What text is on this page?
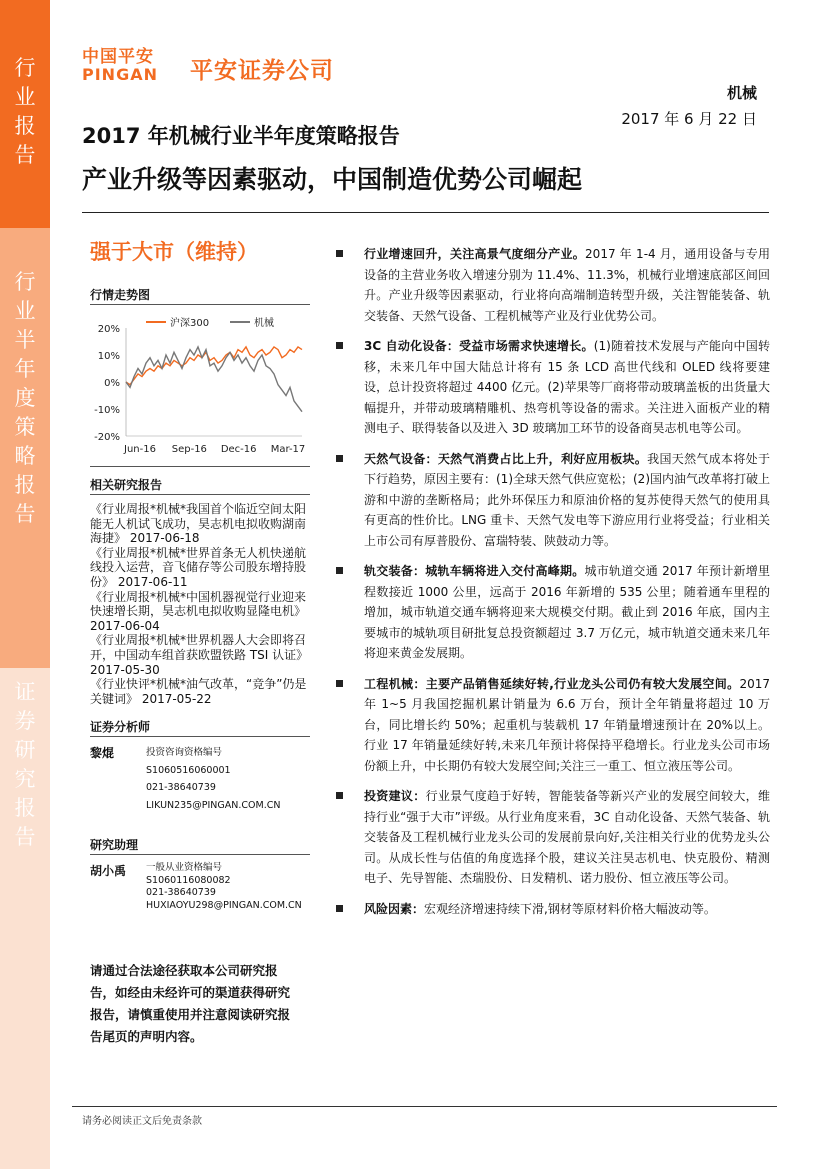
行
业
报
告
行
业
半
年
度
策
略
报
告
证
券
研
究
报
告
中国平安
PINGAN 平安证券公司
机械
2017 年 6 月 22 日
2017 年机械行业半年度策略报告
产业升级等因素驱动，中国制造优势公司崛起
强于大市（维持）
行情走势图
20%
10%
0%
-10%
-20%
Jun-16 Sep-16 Dec-16 Mar-17
沪深300	机械
相关研究报告
《行业周报*机械*我国首个临近空间太阳能无人机试飞成功，昊志机电拟收购湖南海捷》 2017-06-18
《行业周报*机械*世界首条无人机快递航线投入运营，音飞储存等公司股东增持股份》 2017-06-11
《行业周报*机械*中国机器视觉行业迎来快速增长期，昊志机电拟收购显隆电机》 2017-06-04
《行业周报*机械*世界机器人大会即将召开，中国动车组首获欧盟铁路 TSI 认证》 2017-05-30
《行业快评*机械*油气改革，“竞争”仍是关键词》 2017-05-22
证券分析师
黎焜	投资咨询资格编号
S1060516060001
021-38640739
LIKUN235@PINGAN.COM.CN
研究助理
胡小禹 一般从业资格编号
S1060116080082
021-38640739
HUXIAOYU298@PINGAN.COM.CN
请通过合法途径获取本公司研究报告，如经由未经许可的渠道获得研究报告，请慎重使用并注意阅读研究报告尾页的声明内容。
行业增速回升，关注高景气度细分产业。2017 年 1-4 月，通用设备与专用设备的主营业务收入增速分别为 11.4%、11.3%，机械行业增速底部区间回升。产业升级等因素驱动，行业将向高端制造转型升级，关注智能装备、轨交装备、天然气设备、工程机械等产业及行业优势公司。
3C 自动化设备：受益市场需求快速增长。(1)随着技术发展与产能向中国转移，未来几年中国大陆总计将有 15 条 LCD 高世代线和 OLED 线将要建设，总计投资将超过 4400 亿元。(2)苹果等厂商将带动玻璃盖板的出货量大幅提升，并带动玻璃精雕机、热弯机等设备的需求。关注进入面板产业的精测电子、联得装备以及进入 3D 玻璃加工环节的设备商昊志机电等公司。
天然气设备：天然气消费占比上升，利好应用板块。我国天然气成本将处于下行趋势，原因主要有：(1)全球天然气供应宽松；(2)国内油气改革将打破上游和中游的垄断格局；此外环保压力和原油价格的复苏使得天然气的使用具有更高的性价比。LNG 重卡、天然气发电等下游应用行业将受益；行业相关上市公司有厚普股份、富瑞特装、陕鼓动力等。
轨交装备：城轨车辆将进入交付高峰期。城市轨道交通 2017 年预计新增里程数接近 1000 公里，远高于 2016 年新增的 535 公里；随着通车里程的增加，城市轨道交通车辆将迎来大规模交付期。截止到 2016 年底，国内主要城市的城轨项目研批复总投资额超过 3.7 万亿元，城市轨道交通未来几年将迎来黄金发展期。
工程机械：主要产品销售延续好转,行业龙头公司仍有较大发展空间。2017 年 1~5 月我国挖掘机累计销量为 6.6 万台，预计全年销量将超过 10 万台，同比增长约 50%；起重机与装载机 17 年销量增速预计在 20%以上。行业 17 年销量延续好转,未来几年预计将保持平稳增长。行业龙头公司市场份额上升，中长期仍有较大发展空间;关注三一重工、恒立液压等公司。
投资建议：行业景气度趋于好转，智能装备等新兴产业的发展空间较大，维持行业“强于大市”评级。从行业角度来看，3C 自动化设备、天然气装备、轨交装备及工程机械行业龙头公司的发展前景向好,关注相关行业的优势龙头公司。从成长性与估值的角度选择个股，建议关注昊志机电、快克股份、精测电子、先导智能、杰瑞股份、日发精机、诺力股份、恒立液压等公司。
风险因素：宏观经济增速持续下滑,钢材等原材料价格大幅波动等。
请务必阅读正文后免责条款
